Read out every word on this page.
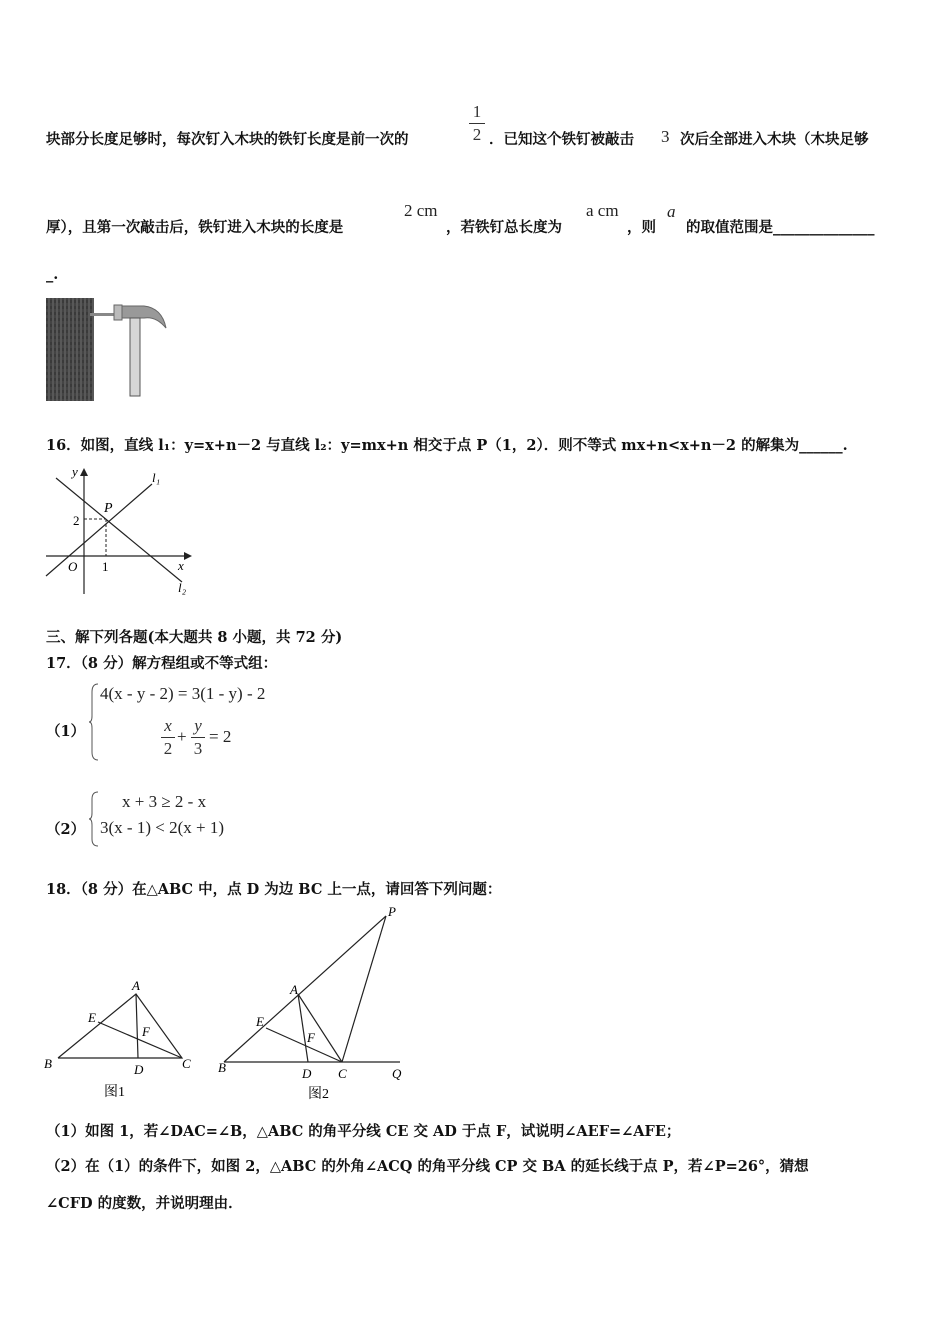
块部分长度足够时，每次钉入木块的铁钉长度是前一次的
1
2 ．已知这个铁钉被敲击 3 次后全部进入木块（木块足够
厚），且第一次敲击后，铁钉进入木块的长度是
2 cm
，若铁钉总长度为
a cm
，则
a
的取值范围是______________
_.
16．如图，直线 l₁：y=x+n－2 与直线 l₂：y=mx+n 相交于点 P（1，2）．则不等式 mx+n<x+n－2 的解集为______.
y	l₁
P
2
O 1	x
l₂
三、解下列各题(本大题共 8 小题，共 72 分)
17．（8 分）解方程组或不等式组：
（1）
4(x - y - 2) = 3(1 - y) - 2
x
2
+
y
3
= 2
（2）
x + 3 ≥ 2 - x
3(x - 1) < 2(x + 1)
18．（8 分）在△ABC 中，点 D 为边 BC 上一点，请回答下列问题：
A
E
F
B	D	C
图1
P
A
E
F
B	D C	Q
图2
（1）如图 1，若∠DAC=∠B，△ABC 的角平分线 CE 交 AD 于点 F，试说明∠AEF=∠AFE；
（2）在（1）的条件下，如图 2，△ABC 的外角∠ACQ 的角平分线 CP 交 BA 的延长线于点 P，若∠P=26°，猜想
∠CFD 的度数，并说明理由．
